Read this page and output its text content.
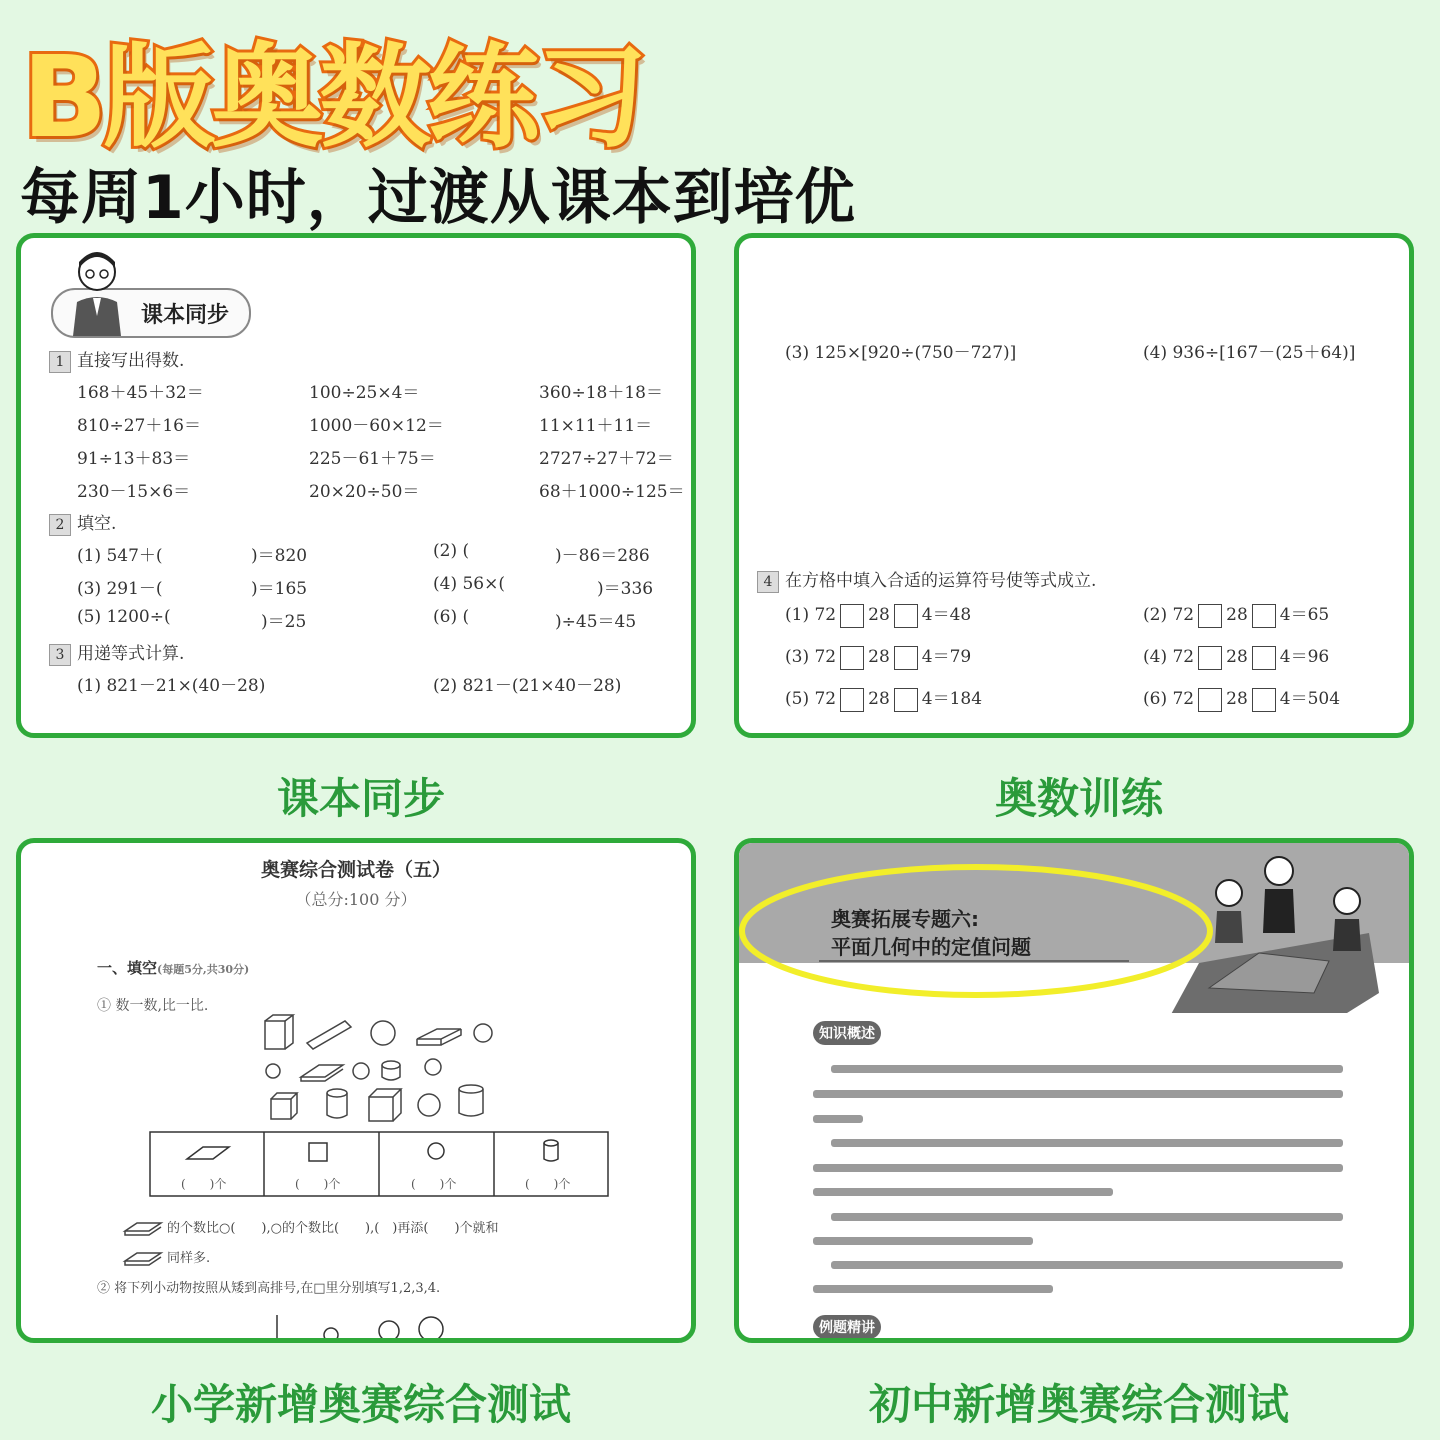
B版奥数练习
每周1小时，过渡从课本到培优
课本同步
1 直接写出得数.
168＋45＋32＝	100÷25×4＝	360÷18＋18＝
810÷27＋16＝	1000－60×12＝	11×11＋11＝
91÷13＋83＝	225－61＋75＝	2727÷27＋72＝
230－15×6＝	20×20÷50＝	68＋1000÷125＝
2 填空.
(1) 547＋(	)＝820	(2) (	)－86＝286
(3) 291－(	)＝165	(4) 56×(	)＝336
(5) 1200÷(	)＝25	(6) (	)÷45＝45
3 用递等式计算.
(1) 821－21×(40－28)	(2) 821－(21×40－28)
(3) 125×[920÷(750－727)]	(4) 936÷[167－(25＋64)]
4 在方格中填入合适的运算符号使等式成立.
(1) 72 28 4＝48	(2) 72 28 4＝65
(3) 72 28 4＝79	(4) 72 28 4＝96
(5) 72 28 4＝184	(6) 72 28 4＝504
奥赛综合测试卷（五）
（总分:100 分）
一、填空(每题5分,共30分)
① 数一数,比一比.
(　　)个	(　　)个	(　　)个	(　　)个
的个数比○(　　),○的个数比(　　),(　)再添(　　)个就和
同样多.
② 将下列小动物按照从矮到高排号,在□里分别填写1,2,3,4.
奥赛拓展专题六:
平面几何中的定值问题
知识概述
例题精讲
课本同步	奥数训练
小学新增奥赛综合测试	初中新增奥赛综合测试
